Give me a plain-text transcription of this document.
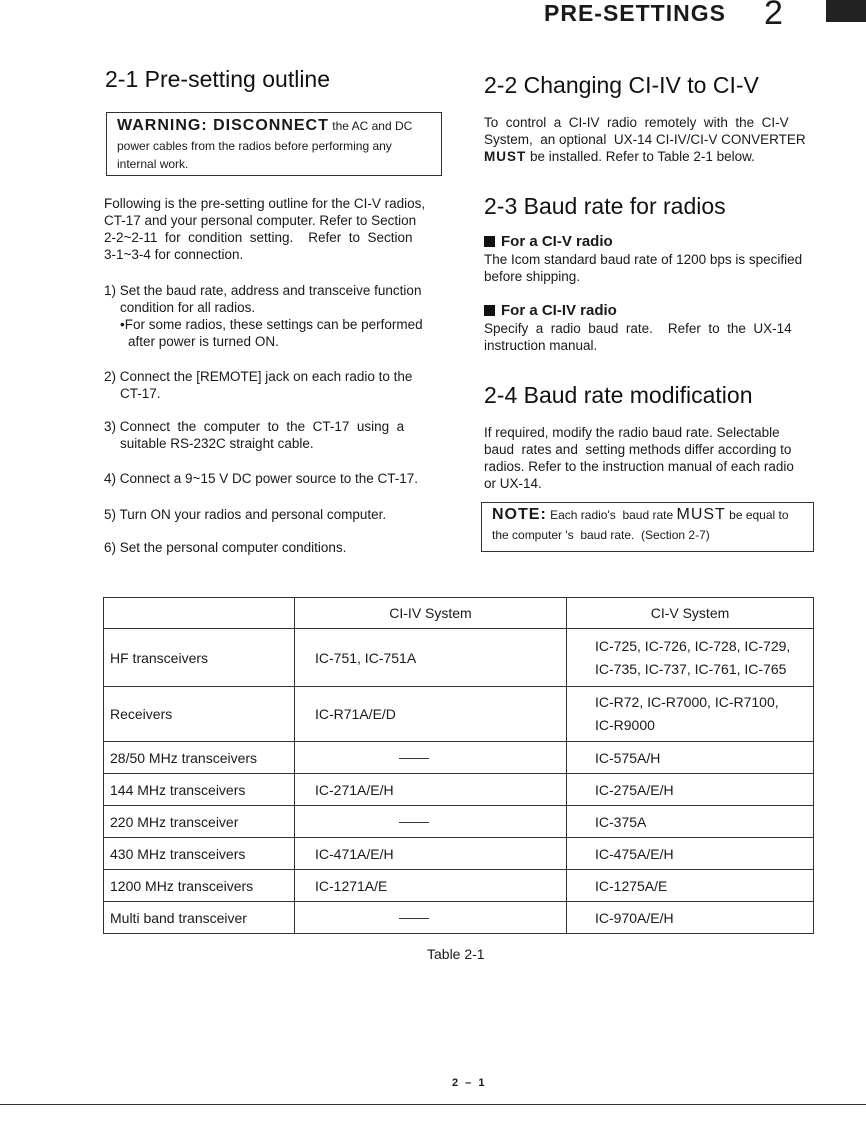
PRE-SETTINGS 2
2-1 Pre-setting outline
WARNING: DISCONNECT the AC and DC
power cables from the radios before performing any
internal work.
Following is the pre-setting outline for the CI-V radios,
CT-17 and your personal computer. Refer to Section
2-2~2-11  for  condition  setting.    Refer  to  Section
3-1~3-4 for connection.
1) Set the baud rate, address and transceive function
condition for all radios.
•For some radios, these settings can be performed
after power is turned ON.
2) Connect the [REMOTE] jack on each radio to the
CT-17.
3) Connect  the  computer  to  the  CT-17  using  a
suitable RS-232C straight cable.
4) Connect a 9~15 V DC power source to the CT-17.
5) Turn ON your radios and personal computer.
6) Set the personal computer conditions.
2-2 Changing CI-IV to CI-V
To  control  a  CI-IV  radio  remotely  with  the  CI-V
System,  an optional  UX-14 CI-IV/CI-V CONVERTER
MUST be installed. Refer to Table 2-1 below.
2-3 Baud rate for radios
For a CI-V radio
The Icom standard baud rate of 1200 bps is specified
before shipping.
For a CI-IV radio
Specify  a  radio  baud  rate.    Refer  to  the  UX-14
instruction manual.
2-4 Baud rate modification
If required, modify the radio baud rate. Selectable
baud  rates and  setting methods differ according to
radios. Refer to the instruction manual of each radio
or UX-14.
NOTE: Each radio's  baud rate MUST be equal to
the computer 's  baud rate.  (Section 2-7)
	CI-IV System	CI-V System
HF transceivers	IC-751, IC-751A	IC-725, IC-726, IC-728, IC-729,
IC-735, IC-737, IC-761, IC-765

Receivers	IC-R71A/E/D	IC-R72, IC-R7000, IC-R7100,
IC-R9000

28/50 MHz transceivers		IC-575A/H
144 MHz transceivers	IC-271A/E/H	IC-275A/E/H
220 MHz transceiver		IC-375A
430 MHz transceivers	IC-471A/E/H	IC-475A/E/H
1200 MHz transceivers	IC-1271A/E	IC-1275A/E
Multi band transceiver		IC-970A/E/H
Table 2-1
2 – 1
